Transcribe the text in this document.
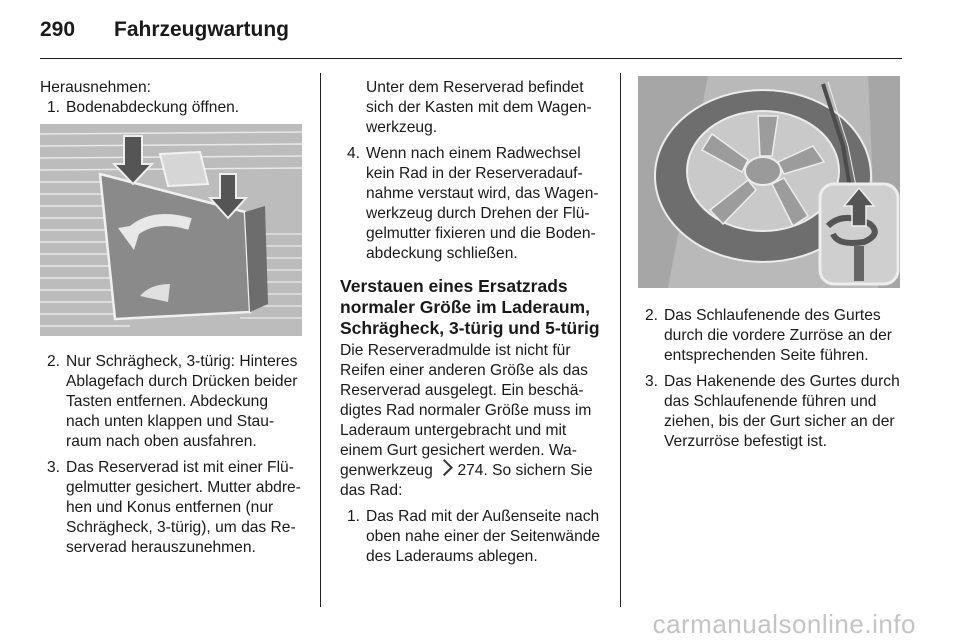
290 Fahrzeugwartung

Herausnehmen:

1. Bodenabdeckung öffnen.
2. Nur Schrägheck, 3-türig: Hinteres Ablagefach durch Drücken beider Tasten entfernen. Abdeckung nach unten klappen und Stau-raum nach oben ausfahren.
3. Das Reserverad ist mit einer Flü-gelmutter gesichert. Mutter abdre-hen und Konus entfernen (nur Schrägheck, 3-türig), um das Re-serverad herauszunehmen.

Unter dem Reserverad befindet sich der Kasten mit dem Wagen-werkzeug.

4. Wenn nach einem Radwechsel kein Rad in der Reserveradauf-nahme verstaut wird, das Wagen-werkzeug durch Drehen der Flü-gelmutter fixieren und die Boden-abdeckung schließen.
Verstauen eines Ersatzrads normaler Größe im Laderaum, Schrägheck, 3-türig und 5-türig

Die Reserveradmulde ist nicht für Reifen einer anderen Größe als das Reserverad ausgelegt. Ein beschä-digtes Rad normaler Größe muss im Laderaum untergebracht und mit einem Gurt gesichert werden. Wa-genwerkzeug  274. So sichern Sie das Rad:

1. Das Rad mit der Außenseite nach oben nahe einer der Seitenwände des Laderaums ablegen.
2. Das Schlaufenende des Gurtes durch die vordere Zurröse an der entsprechenden Seite führen.
3. Das Hakenende des Gurtes durch das Schlaufenende führen und ziehen, bis der Gurt sicher an der Verzurröse befestigt ist.
carmanualsonline.info
